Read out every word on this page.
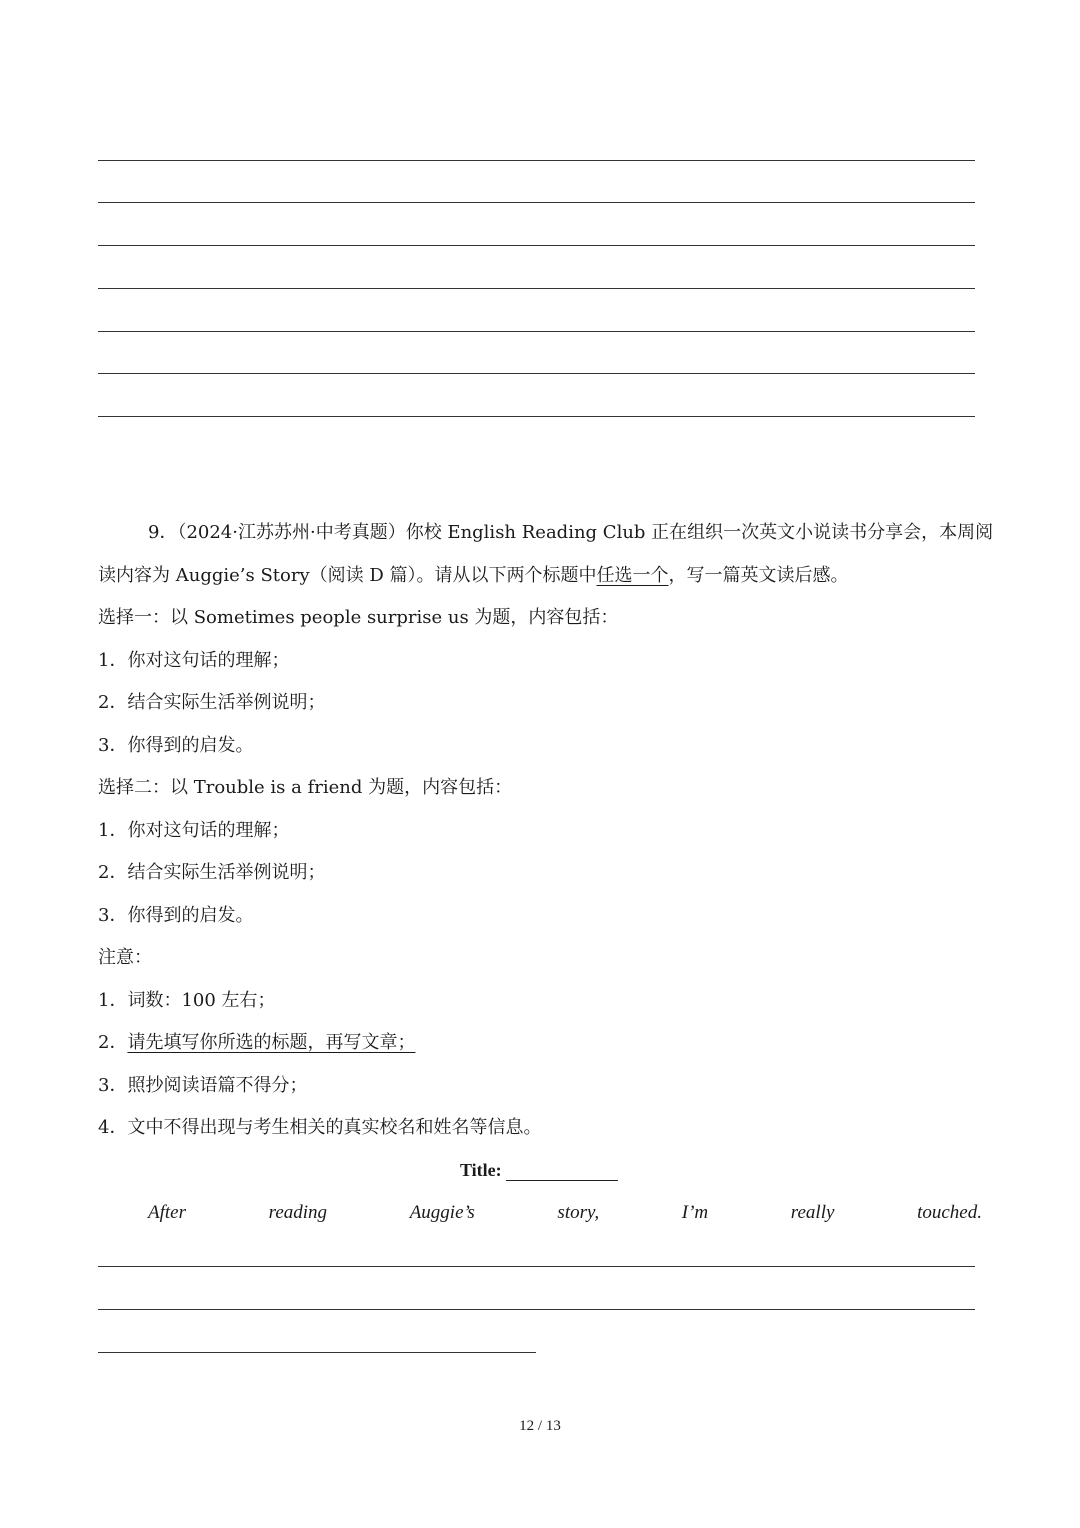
9．（2024·江苏苏州·中考真题）你校 English Reading Club 正在组织一次英文小说读书分享会，本周阅
读内容为 Auggie’s Story（阅读 D 篇）。请从以下两个标题中任选一个，写一篇英文读后感。
选择一：以 Sometimes people surprise us 为题，内容包括：
1．你对这句话的理解；
2．结合实际生活举例说明；
3．你得到的启发。
选择二：以 Trouble is a friend 为题，内容包括：
1．你对这句话的理解；
2．结合实际生活举例说明；
3．你得到的启发。
注意：
1．词数：100 左右；
2．请先填写你所选的标题，再写文章；
3．照抄阅读语篇不得分；
4．文中不得出现与考生相关的真实校名和姓名等信息。
Title:
After	reading	Auggie’s	story,	I’m	really	touched.
12 / 13
